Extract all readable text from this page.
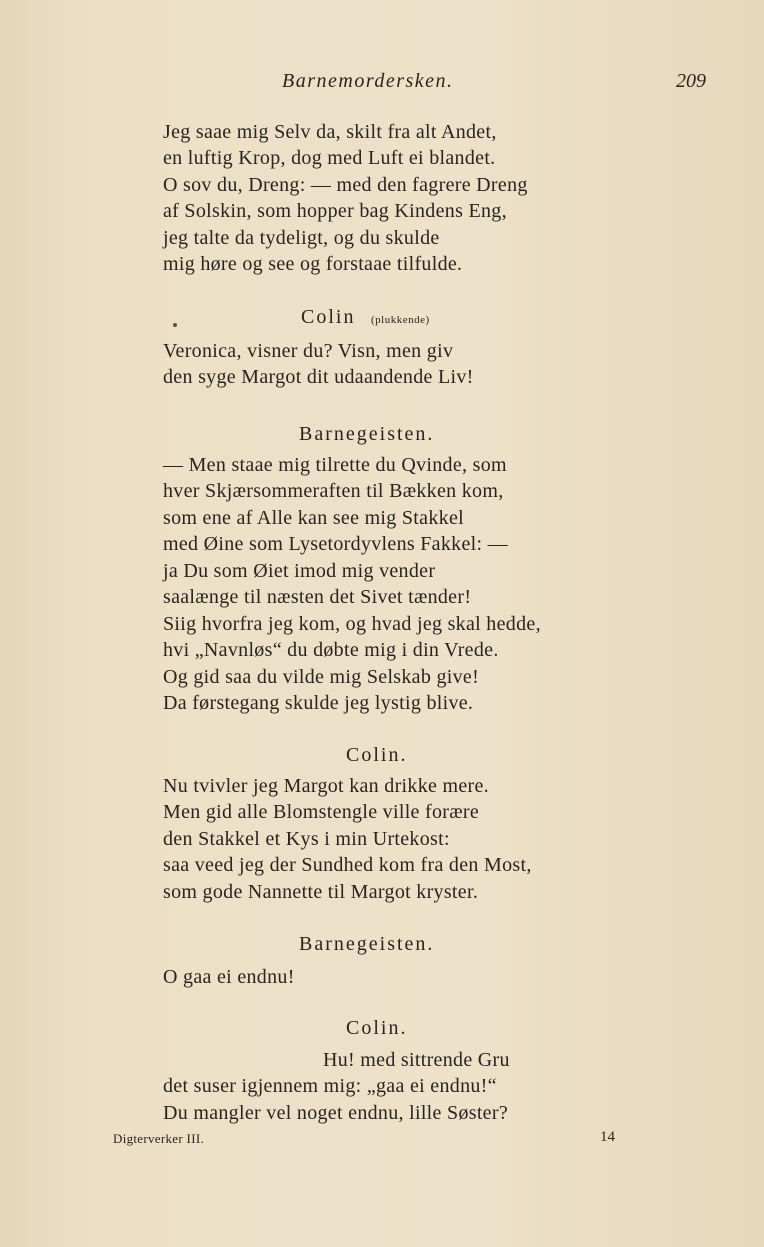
Barnemordersken.	209
Jeg saae mig Selv da, skilt fra alt Andet,
en luftig Krop, dog med Luft ei blandet.
O sov du, Dreng: — med den fagrere Dreng
af Solskin, som hopper bag Kindens Eng,
jeg talte da tydeligt, og du skulde
mig høre og see og forstaae tilfulde.
Colin (plukkende)
Veronica, visner du? Visn, men giv
den syge Margot dit udaandende Liv!
Barnegeisten.
— Men staae mig tilrette du Qvinde, som
hver Skjærsommeraften til Bækken kom,
som ene af Alle kan see mig Stakkel
med Øine som Lysetordyvlens Fakkel: —
ja Du som Øiet imod mig vender
saalænge til næsten det Sivet tænder!
Siig hvorfra jeg kom, og hvad jeg skal hedde,
hvi „Navnløs“ du døbte mig i din Vrede.
Og gid saa du vilde mig Selskab give!
Da førstegang skulde jeg lystig blive.
Colin.
Nu tvivler jeg Margot kan drikke mere.
Men gid alle Blomstengle ville forære
den Stakkel et Kys i min Urtekost:
saa veed jeg der Sundhed kom fra den Most,
som gode Nannette til Margot kryster.
Barnegeisten.
O gaa ei endnu!
Colin.
Hu! med sittrende Gru
det suser igjennem mig: „gaa ei endnu!“
Du mangler vel noget endnu, lille Søster?
Digterverker III.	14
